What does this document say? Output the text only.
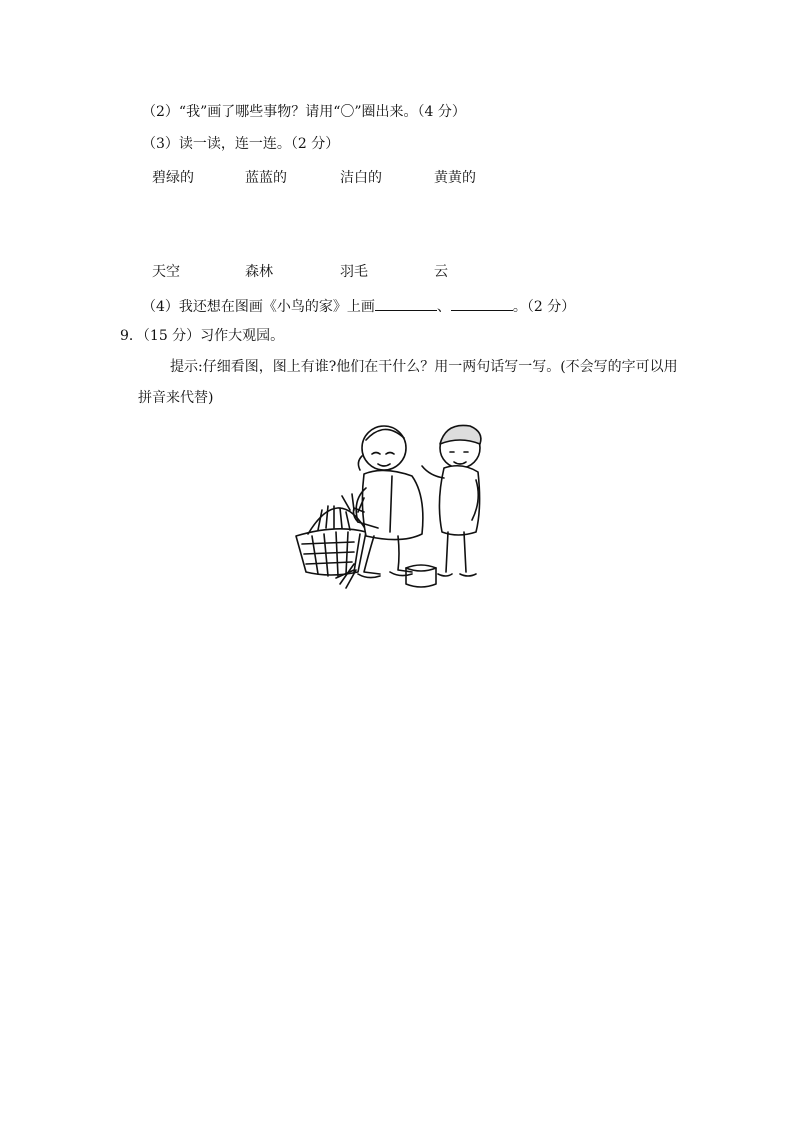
（2）“我”画了哪些事物？请用“〇”圈出来。（4 分）
（3）读一读，连一连。（2 分）
碧绿的	蓝蓝的	洁白的	黄黄的
天空	森林	羽毛	云
（4）我还想在图画《小鸟的家》上画	、	。（2 分）
9．（15 分）习作大观园。
提示:仔细看图，图上有谁?他们在干什么？用一两句话写一写。(不会写的字可以用
拼音来代替)
